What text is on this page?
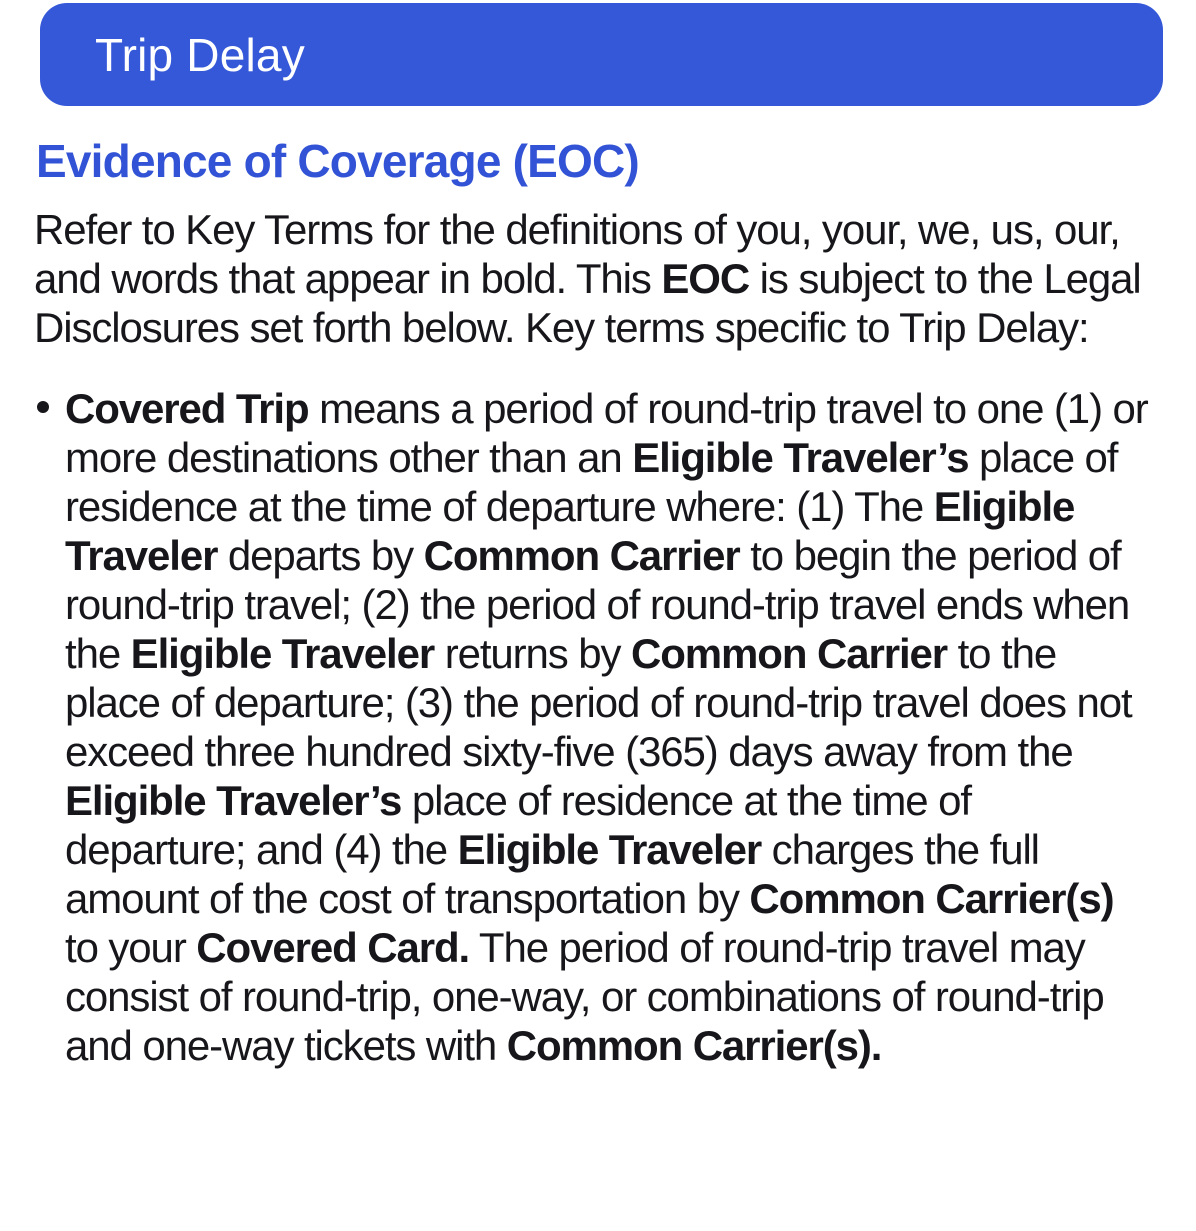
Trip Delay
Evidence of Coverage (EOC)

Refer to Key Terms for the definitions of you, your, we, us, our, and words that appear in bold. This EOC is subject to the Legal Disclosures set forth below. Key terms specific to Trip Delay:

Covered Trip means a period of round-trip travel to one (1) or more destinations other than an Eligible Traveler’s place of residence at the time of departure where: (1) The Eligible Traveler departs by Common Carrier to begin the period of round-trip travel; (2) the period of round-trip travel ends when the Eligible Traveler returns by Common Carrier to the place of departure; (3) the period of round-trip travel does not exceed three hundred sixty-five (365) days away from the Eligible Traveler’s place of residence at the time of departure; and (4) the Eligible Traveler charges the full amount of the cost of transportation by Common Carrier(s) to your Covered Card. The period of round-trip travel may consist of round-trip, one-way, or combinations of round-trip and one-way tickets with Common Carrier(s).
